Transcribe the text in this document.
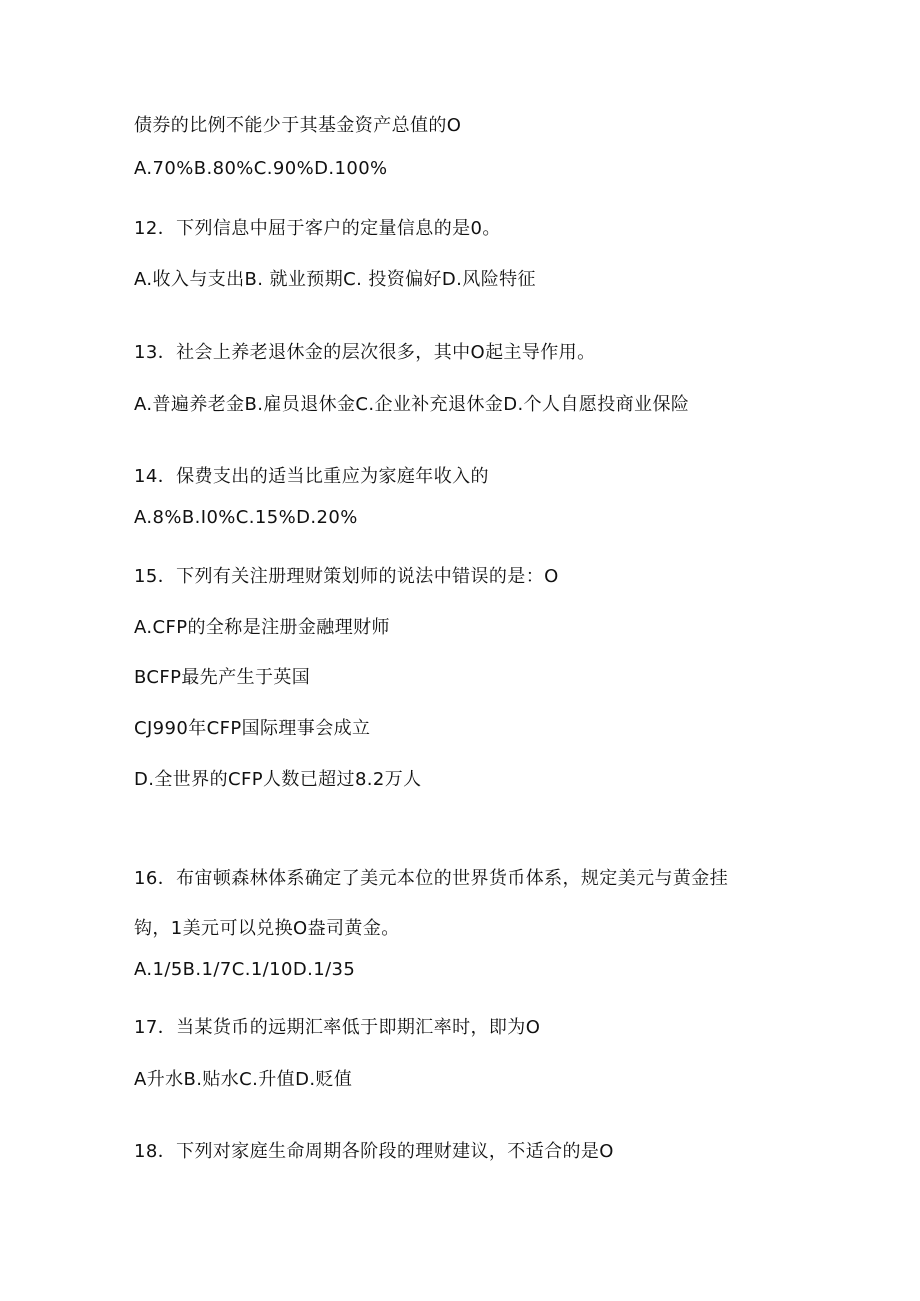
债券的比例不能少于其基金资产总值的O
A.70%B.80%C.90%D.100%
12．下列信息中屈于客户的定量信息的是0。
A.收入与支出B. 就业预期C. 投资偏好D.风险特征
13．社会上养老退休金的层次很多，其中O起主导作用。
A.普遍养老金B.雇员退休金C.企业补充退休金D.个人自愿投商业保险
14．保费支出的适当比重应为家庭年收入的
A.8%B.I0%C.15%D.20%
15．下列有关注册理财策划师的说法中错误的是：O
A.CFP的全称是注册金融理财师
BCFP最先产生于英国
CJ990年CFP国际理事会成立
D.全世界的CFP人数已超过8.2万人
16．布宙顿森林体系确定了美元本位的世界货币体系，规定美元与黄金挂
钩，1美元可以兑换O盎司黄金。
A.1/5B.1/7C.1/10D.1/35
17．当某货币的远期汇率低于即期汇率时，即为O
A升水B.贴水C.升值D.贬值
18．下列对家庭生命周期各阶段的理财建议，不适合的是O
